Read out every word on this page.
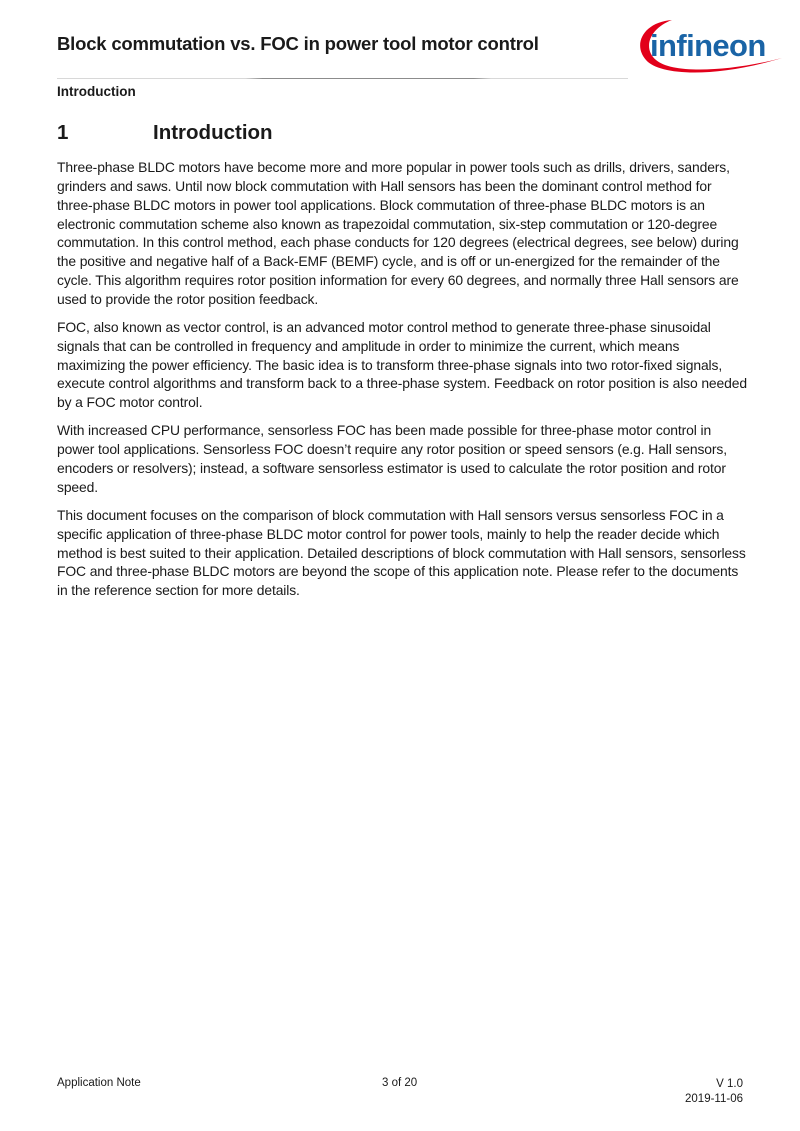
Block commutation vs. FOC in power tool motor control	infineon
Introduction
1	Introduction

Three-phase BLDC motors have become more and more popular in power tools such as drills, drivers, sanders, grinders and saws. Until now block commutation with Hall sensors has been the dominant control method for three-phase BLDC motors in power tool applications. Block commutation of three-phase BLDC motors is an electronic commutation scheme also known as trapezoidal commutation, six-step commutation or 120-degree commutation. In this control method, each phase conducts for 120 degrees (electrical degrees, see below) during the positive and negative half of a Back-EMF (BEMF) cycle, and is off or un-energized for the remainder of the cycle. This algorithm requires rotor position information for every 60 degrees, and normally three Hall sensors are used to provide the rotor position feedback.

FOC, also known as vector control, is an advanced motor control method to generate three-phase sinusoidal signals that can be controlled in frequency and amplitude in order to minimize the current, which means maximizing the power efficiency. The basic idea is to transform three-phase signals into two rotor-fixed signals, execute control algorithms and transform back to a three-phase system. Feedback on rotor position is also needed by a FOC motor control.

With increased CPU performance, sensorless FOC has been made possible for three-phase motor control in power tool applications. Sensorless FOC doesn’t require any rotor position or speed sensors (e.g. Hall sensors, encoders or resolvers); instead, a software sensorless estimator is used to calculate the rotor position and rotor speed.

This document focuses on the comparison of block commutation with Hall sensors versus sensorless FOC in a specific application of three-phase BLDC motor control for power tools, mainly to help the reader decide which method is best suited to their application. Detailed descriptions of block commutation with Hall sensors, sensorless FOC and three-phase BLDC motors are beyond the scope of this application note. Please refer to the documents in the reference section for more details.

Application Note	3 of 20	V 1.0
2019-11-06
